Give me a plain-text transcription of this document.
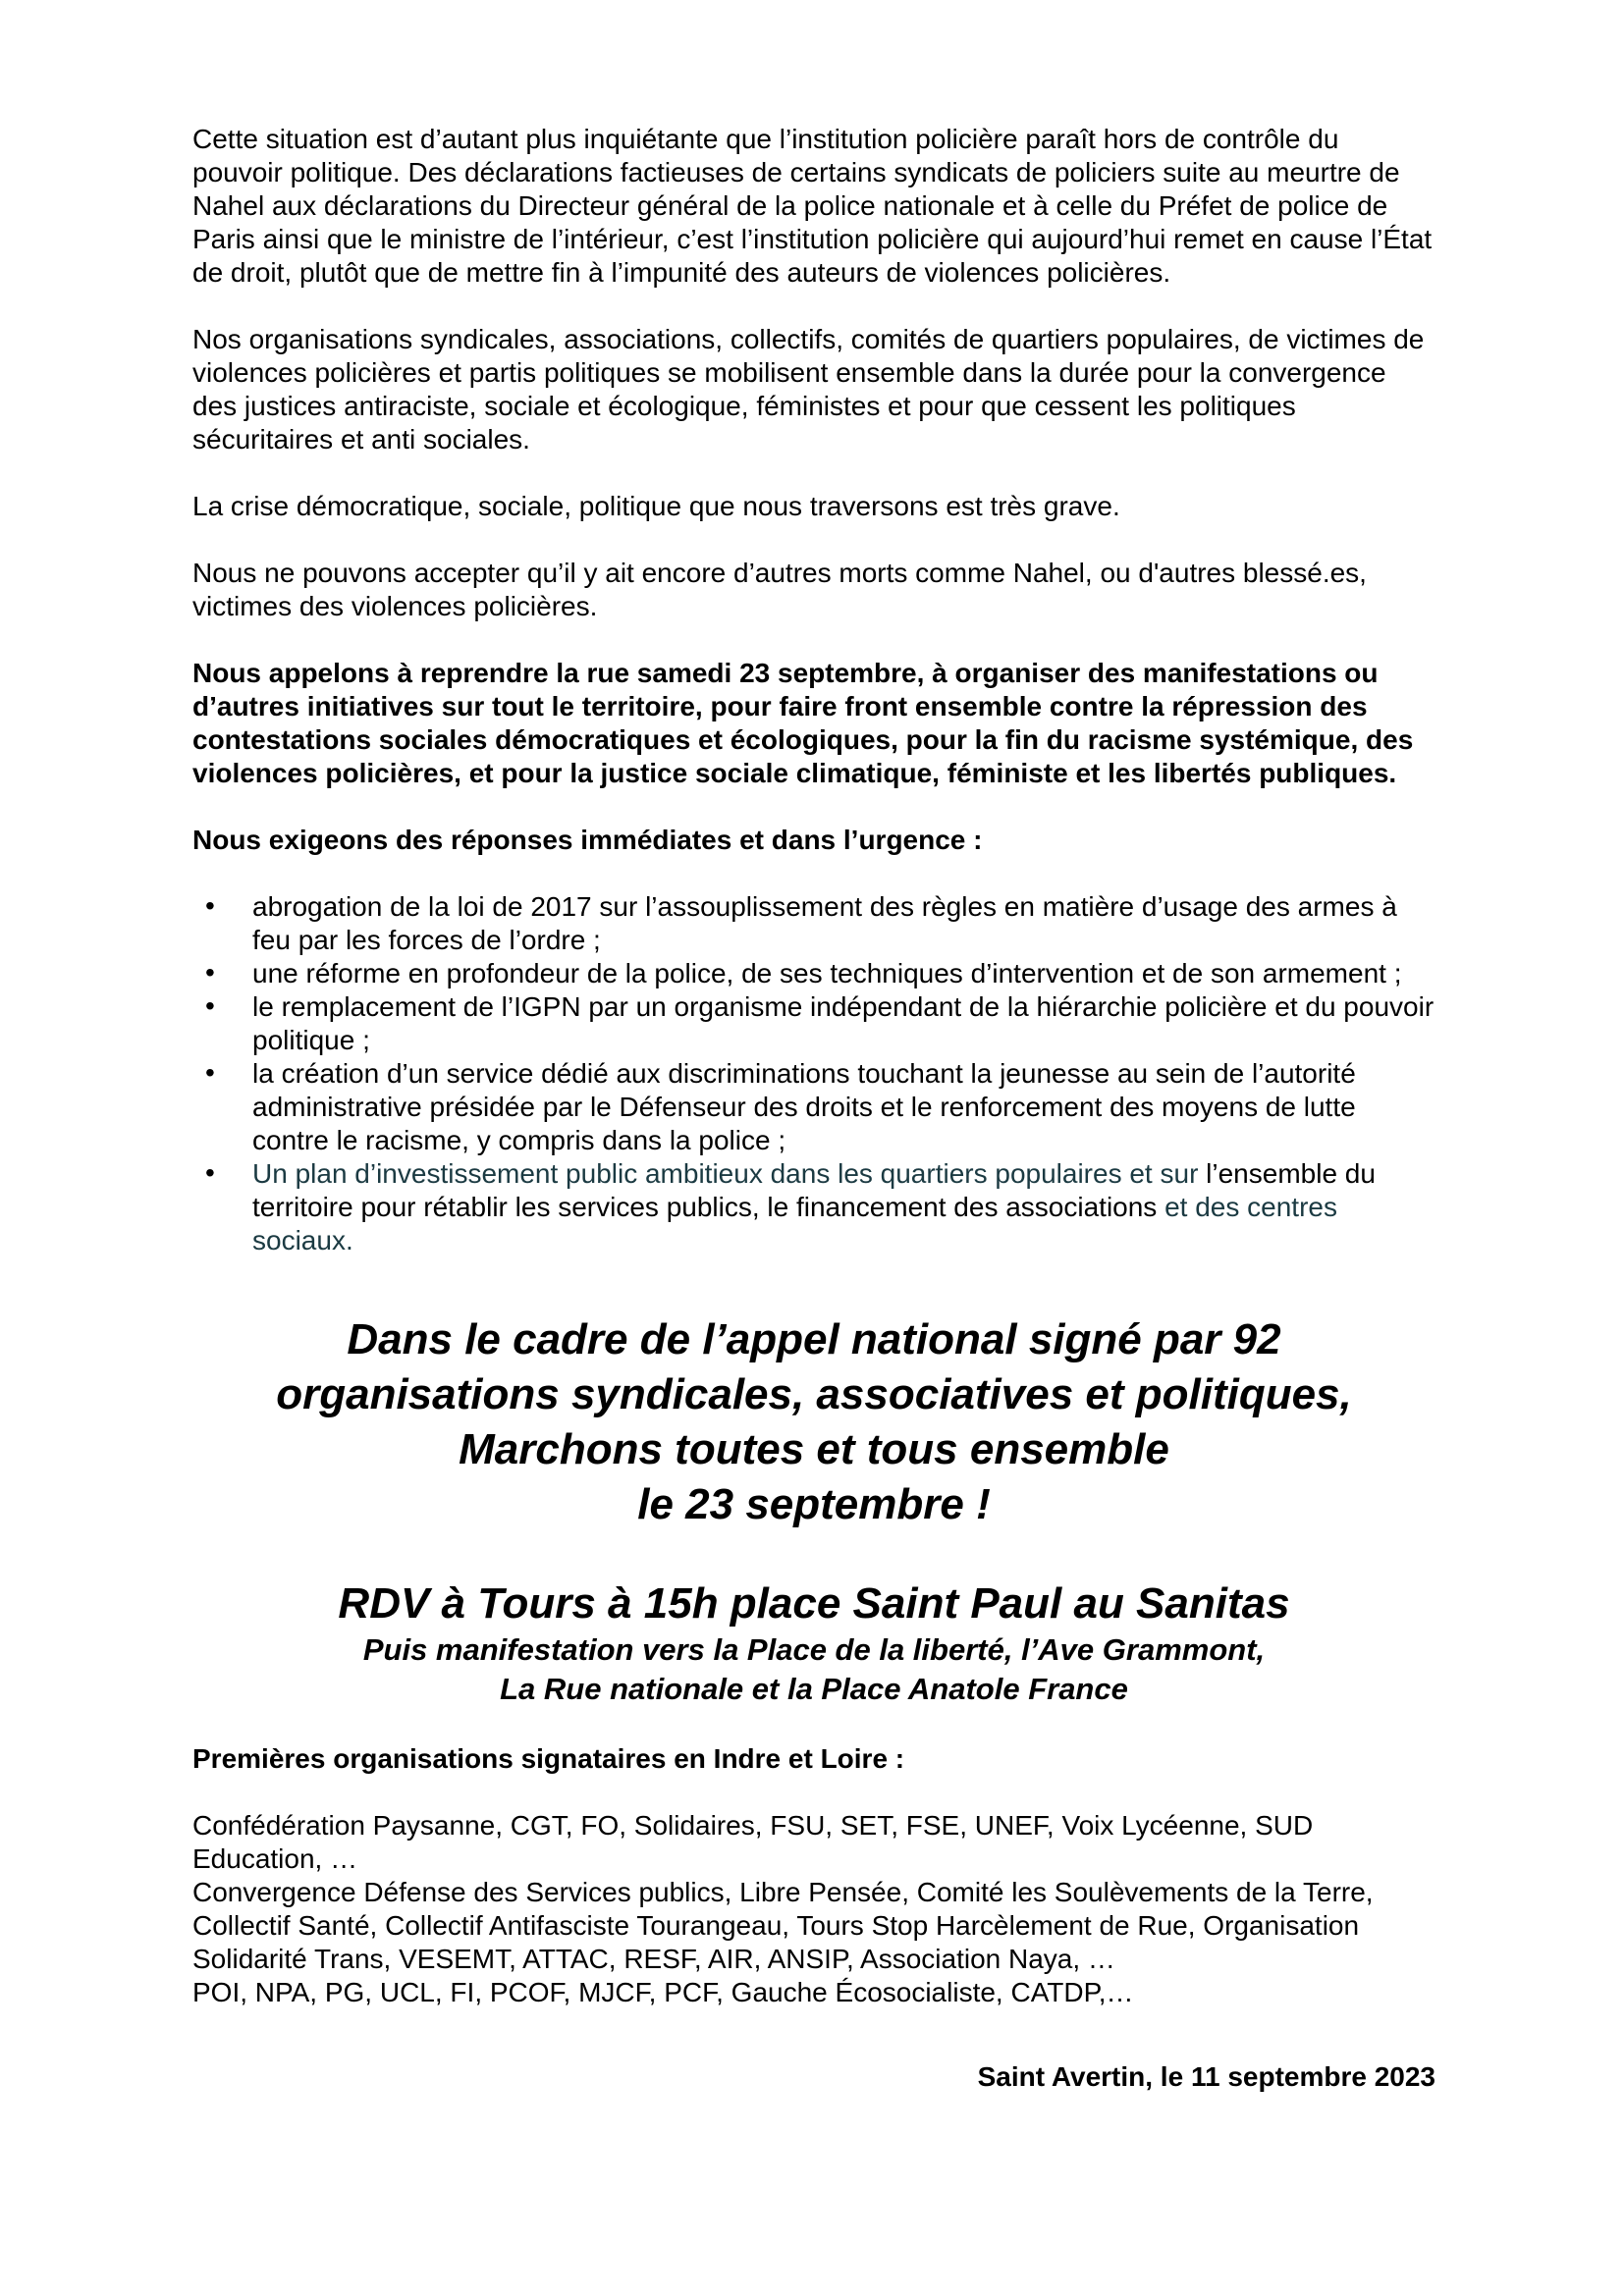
Cette situation est d’autant plus inquiétante que l’institution policière paraît hors de contrôle du pouvoir politique. Des déclarations factieuses de certains syndicats de policiers suite au meurtre de Nahel aux déclarations du Directeur général de la police nationale et à celle du Préfet de police de Paris ainsi que le ministre de l’intérieur, c’est l’institution policière qui aujourd’hui remet en cause l’État de droit, plutôt que de mettre fin à l’impunité des auteurs de violences policières.

Nos organisations syndicales, associations, collectifs, comités de quartiers populaires, de victimes de violences policières et partis politiques se mobilisent ensemble dans la durée pour la convergence des justices antiraciste, sociale et écologique, féministes et pour que cessent les politiques sécuritaires et anti sociales.

La crise démocratique, sociale, politique que nous traversons est très grave.

Nous ne pouvons accepter qu’il y ait encore d’autres morts comme Nahel, ou d'autres blessé.es, victimes des violences policières.

Nous appelons à reprendre la rue samedi 23 septembre, à organiser des manifestations ou d’autres initiatives sur tout le territoire, pour faire front ensemble contre la répression des contestations sociales démocratiques et écologiques, pour la fin du racisme systémique, des violences policières, et pour la justice sociale climatique, féministe et les libertés publiques.

Nous exigeons des réponses immédiates et dans l’urgence :

• abrogation de la loi de 2017 sur l’assouplissement des règles en matière d’usage des armes à feu par les forces de l’ordre ;
• une réforme en profondeur de la police, de ses techniques d’intervention et de son armement ;
• le remplacement de l’IGPN par un organisme indépendant de la hiérarchie policière et du pouvoir politique ;
• la création d’un service dédié aux discriminations touchant la jeunesse au sein de l’autorité administrative présidée par le Défenseur des droits et le renforcement des moyens de lutte contre le racisme, y compris dans la police ;
• Un plan d’investissement public ambitieux dans les quartiers populaires et sur l’ensemble du territoire pour rétablir les services publics, le financement des associations et des centres sociaux.
Dans le cadre de l’appel national signé par 92
organisations syndicales, associatives et politiques,
Marchons toutes et tous ensemble
le 23 septembre !
RDV à Tours à 15h place Saint Paul au Sanitas
Puis manifestation vers la Place de la liberté, l’Ave Grammont,
La Rue nationale et la Place Anatole France

Premières organisations signataires en Indre et Loire :

Confédération Paysanne, CGT, FO, Solidaires, FSU, SET, FSE, UNEF, Voix Lycéenne, SUD Education, …

Convergence Défense des Services publics, Libre Pensée, Comité les Soulèvements de la Terre, Collectif Santé, Collectif Antifasciste Tourangeau, Tours Stop Harcèlement de Rue, Organisation Solidarité Trans, VESEMT, ATTAC, RESF, AIR, ANSIP, Association Naya, …

POI, NPA, PG, UCL, FI, PCOF, MJCF, PCF, Gauche Écosocialiste, CATDP,…

Saint Avertin, le 11 septembre 2023
